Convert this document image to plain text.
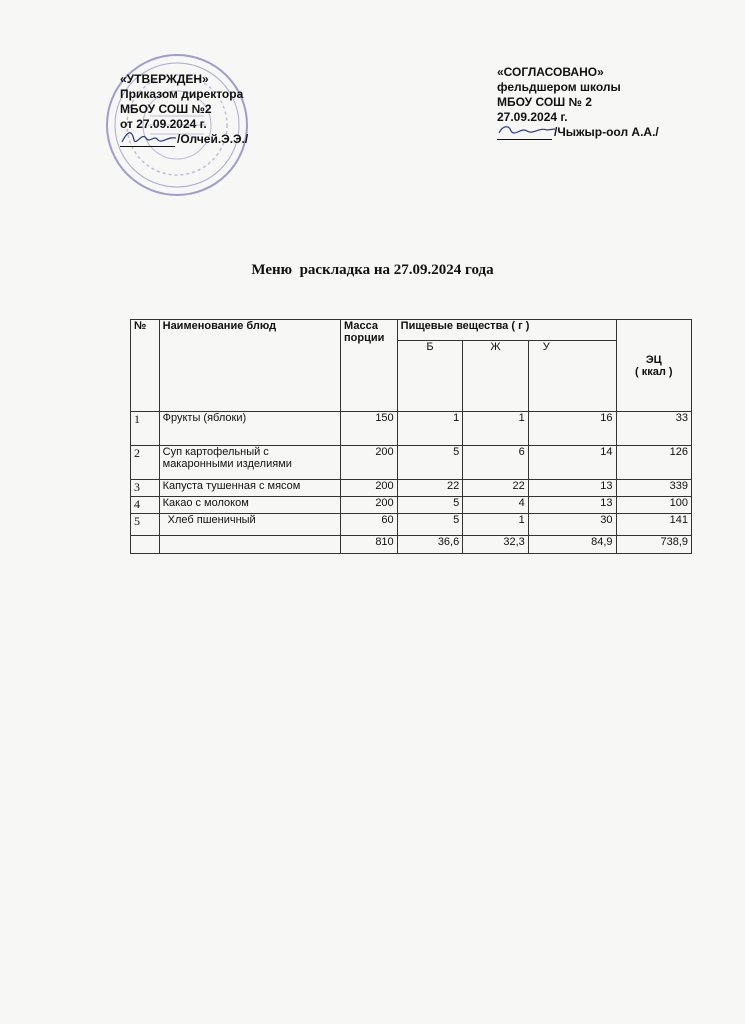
«УТВЕРЖДЕН»
Приказом директора
МБОУ СОШ №2
от 27.09.2024 г.
/Олчей.Э.Э./
«СОГЛАСОВАНО»
фельдшером школы
МБОУ СОШ № 2
27.09.2024 г.
/Чыжыр-оол А.А./
Меню  раскладка на 27.09.2024 года
№	Наименование блюд	Масса порции	Пищевые вещества ( г )			ЭЦ
( ккал )

			Б	Ж	У	
1	Фрукты (яблоки)	150	1	1	16	33
2	Суп картофельный с макаронными изделиями	200	5	6	14	126
3	Капуста тушенная с мясом	200	22	22	13	339
4	Какао с молоком	200	5	4	13	100
5	Хлеб пшеничный	60	5	1	30	141
		810	36,6	32,3	84,9	738,9
